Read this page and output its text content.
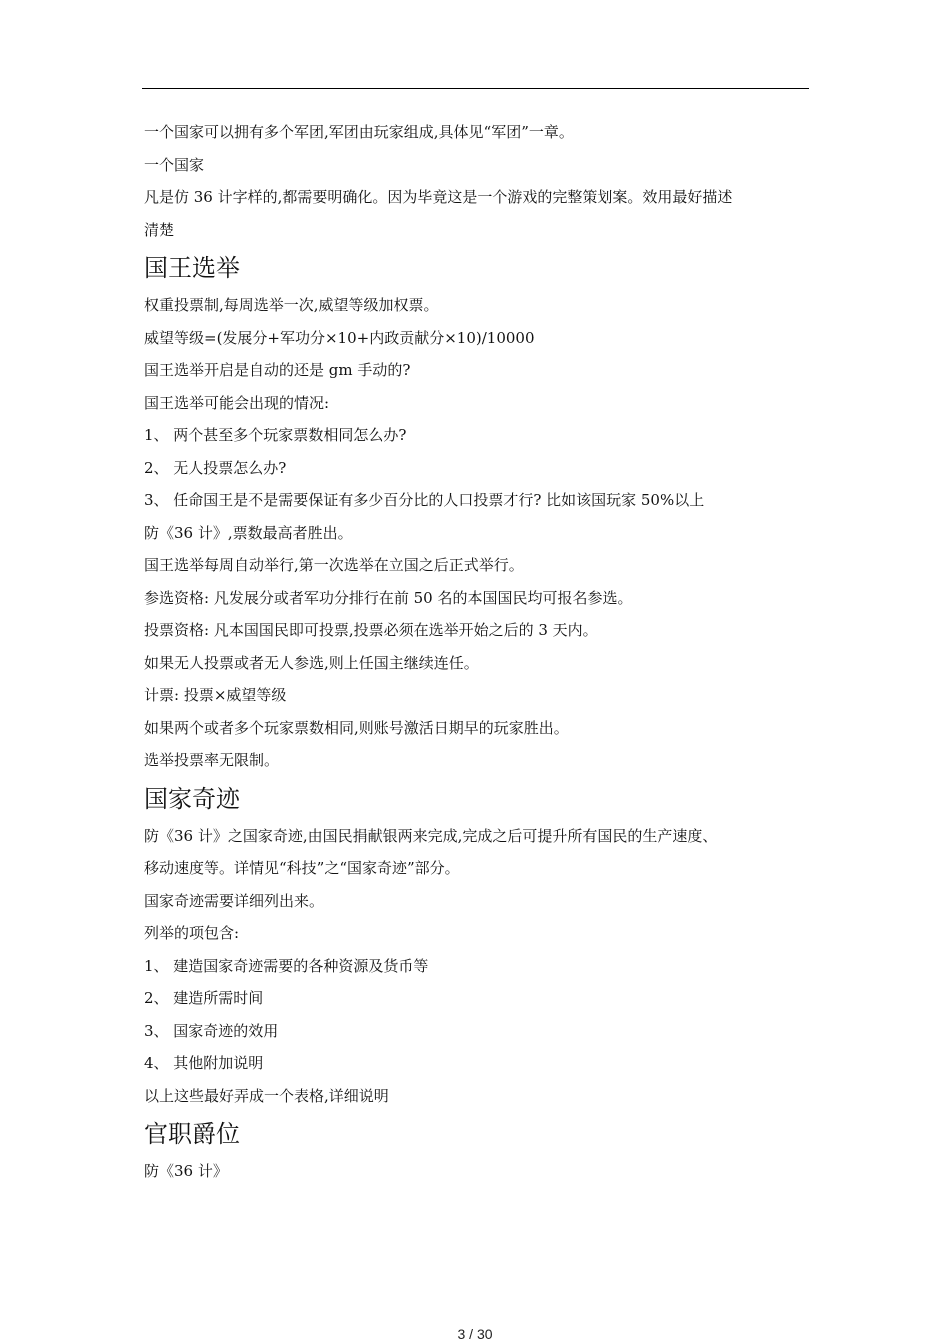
一个国家可以拥有多个军团,军团由玩家组成,具体见“军团”一章。
一个国家
凡是仿 36 计字样的,都需要明确化。因为毕竟这是一个游戏的完整策划案。效用最好描述
清楚
国王选举
权重投票制,每周选举一次,威望等级加权票。
威望等级=(发展分+军功分×10+内政贡献分×10)/10000
国王选举开启是自动的还是 gm 手动的?
国王选举可能会出现的情况:
1、 两个甚至多个玩家票数相同怎么办?
2、 无人投票怎么办?
3、 任命国王是不是需要保证有多少百分比的人口投票才行? 比如该国玩家 50%以上
防《36 计》,票数最高者胜出。
国王选举每周自动举行,第一次选举在立国之后正式举行。
参选资格: 凡发展分或者军功分排行在前 50 名的本国国民均可报名参选。
投票资格: 凡本国国民即可投票,投票必须在选举开始之后的 3 天内。
如果无人投票或者无人参选,则上任国主继续连任。
计票: 投票×威望等级
如果两个或者多个玩家票数相同,则账号激活日期早的玩家胜出。
选举投票率无限制。
国家奇迹
防《36 计》之国家奇迹,由国民捐献银两来完成,完成之后可提升所有国民的生产速度、
移动速度等。详情见“科技”之“国家奇迹”部分。
国家奇迹需要详细列出来。
列举的项包含:
1、 建造国家奇迹需要的各种资源及货币等
2、 建造所需时间
3、 国家奇迹的效用
4、 其他附加说明
以上这些最好弄成一个表格,详细说明
官职爵位
防《36 计》
3 / 30
